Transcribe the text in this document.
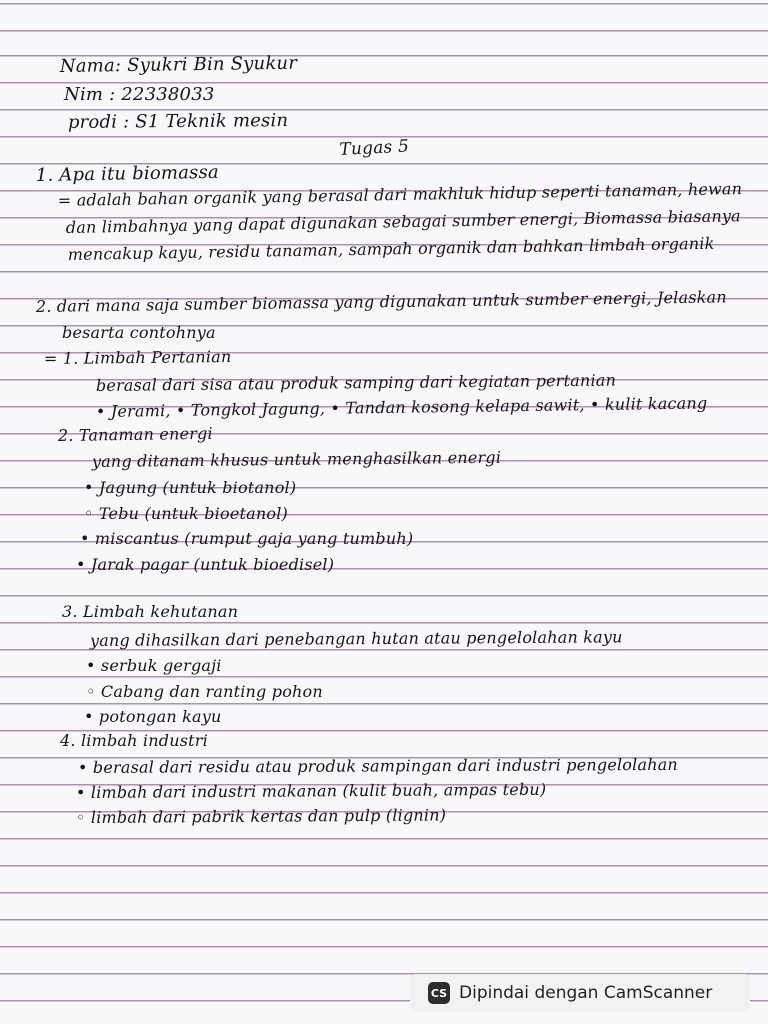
Nama: Syukri Bin Syukur
Nim : 22338033
prodi : S1 Teknik mesin
Tugas 5
1. Apa itu biomassa
= adalah bahan organik yang berasal dari makhluk hidup seperti tanaman, hewan
dan limbahnya yang dapat digunakan sebagai sumber energi, Biomassa biasanya
mencakup kayu, residu tanaman, sampah organik dan bahkan limbah organik
2. dari mana saja sumber biomassa yang digunakan untuk sumber energi, Jelaskan
besarta contohnya
= 1. Limbah Pertanian
berasal dari sisa atau produk samping dari kegiatan pertanian
• Jerami, • Tongkol Jagung, • Tandan kosong kelapa sawit, • kulit kacang
2. Tanaman energi
yang ditanam khusus untuk menghasilkan energi
• Jagung (untuk biotanol)
◦ Tebu (untuk bioetanol)
• miscantus (rumput gaja yang tumbuh)
• Jarak pagar (untuk bioedisel)
3. Limbah kehutanan
yang dihasilkan dari penebangan hutan atau pengelolahan kayu
• serbuk gergaji
◦ Cabang dan ranting pohon
• potongan kayu
4. limbah industri
• berasal dari residu atau produk sampingan dari industri pengelolahan
• limbah dari industri makanan (kulit buah, ampas tebu)
◦ limbah dari pabrik kertas dan pulp (lignin)
CS Dipindai dengan CamScanner
